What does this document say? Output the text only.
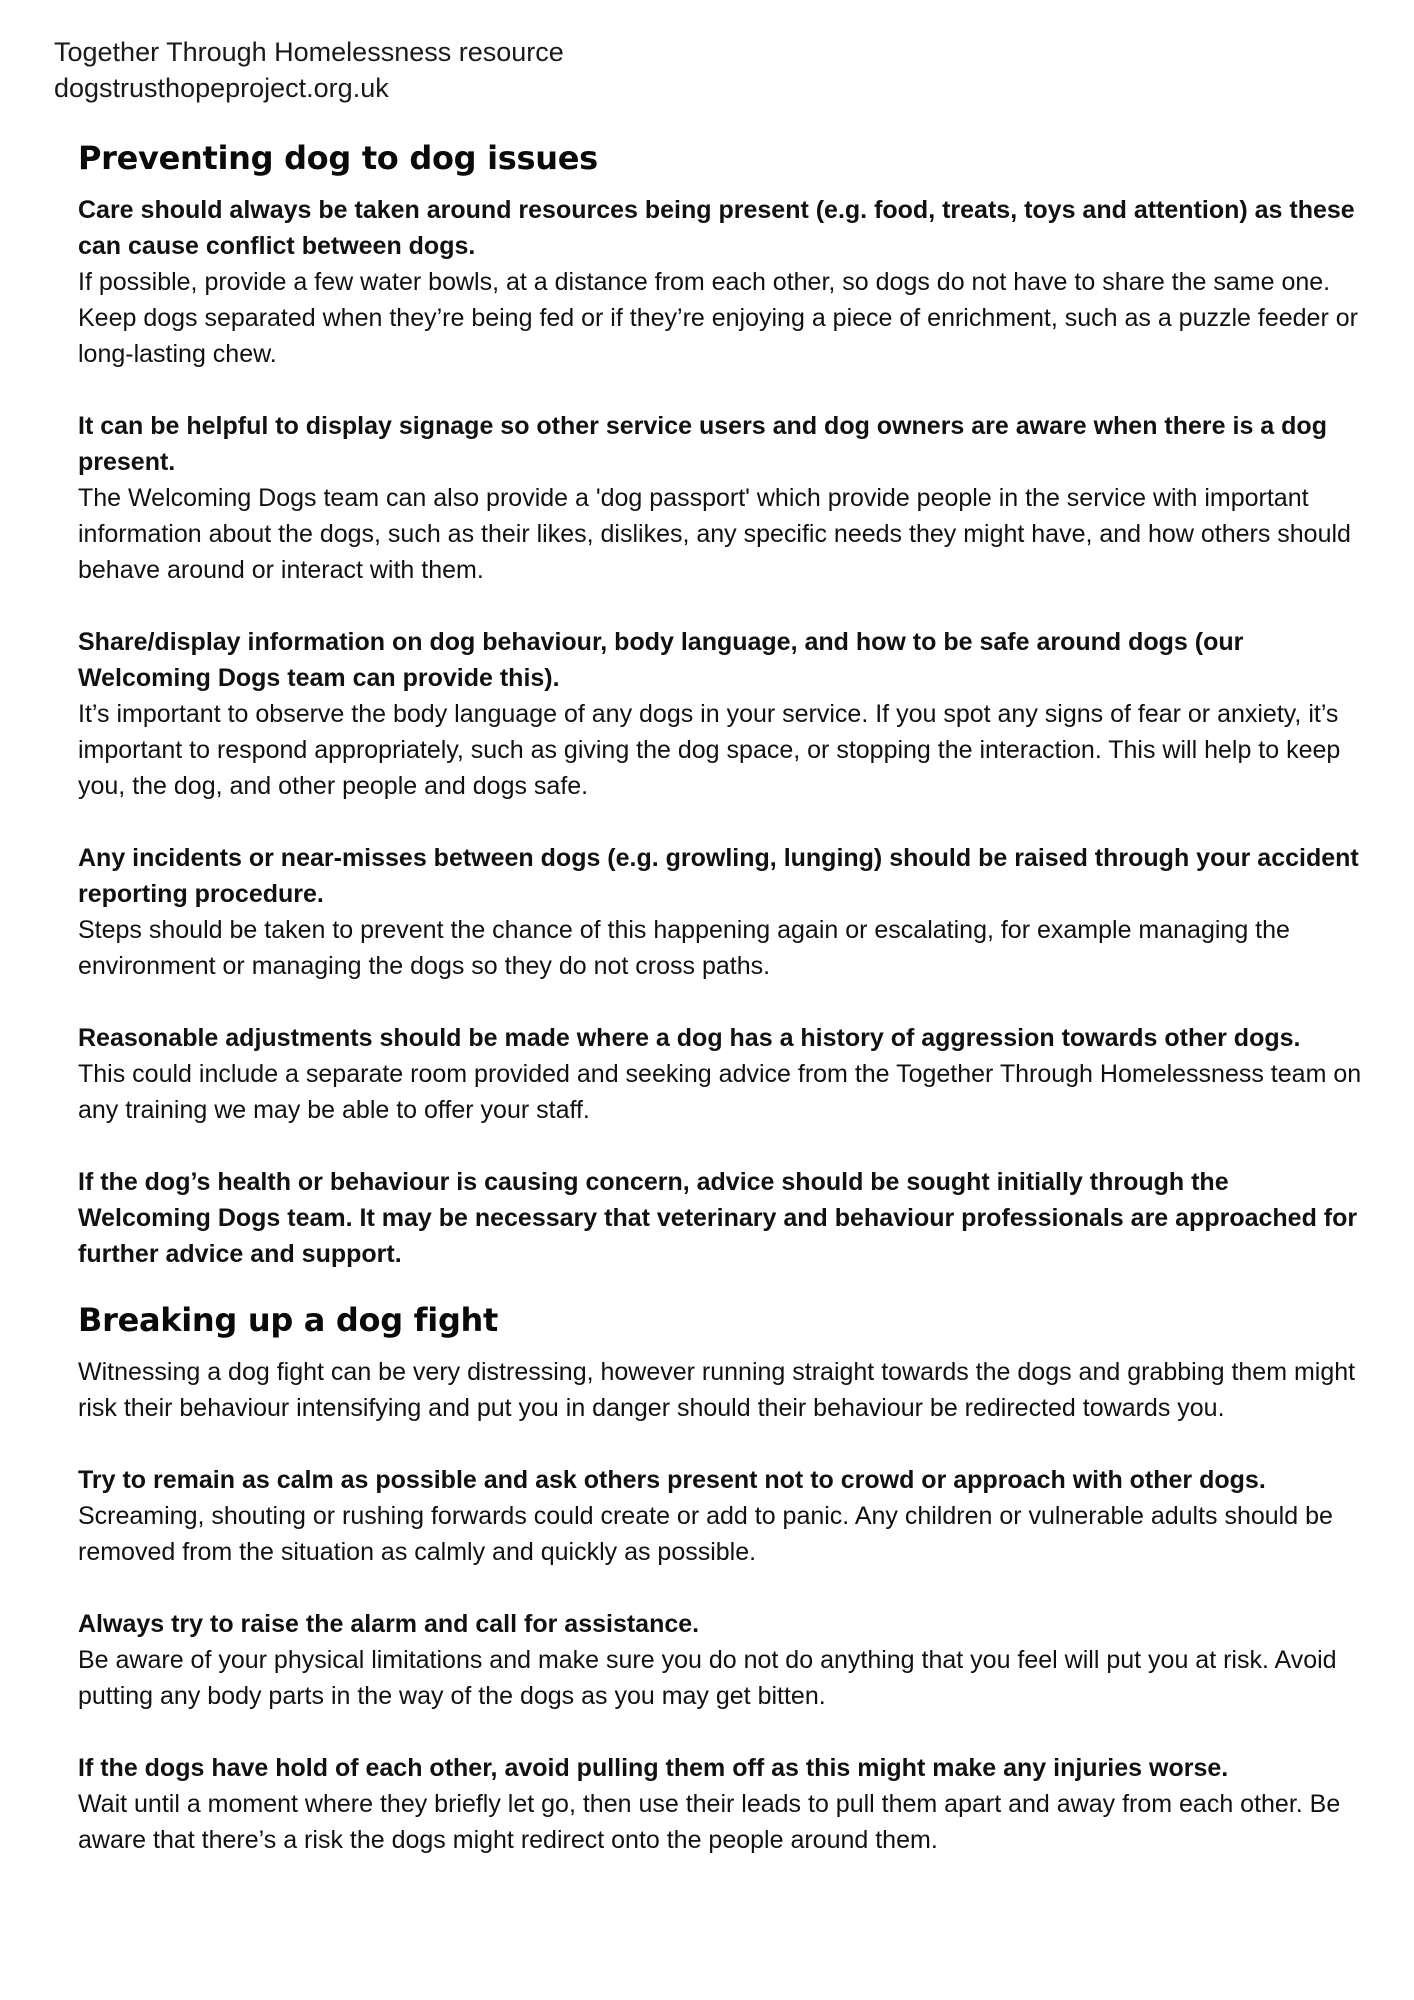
Together Through Homelessness resource
dogstrusthopeproject.org.uk
Preventing dog to dog issues

Care should always be taken around resources being present (e.g. food, treats, toys and attention) as these can cause conflict between dogs.

If possible, provide a few water bowls, at a distance from each other, so dogs do not have to share the same one. Keep dogs separated when they’re being fed or if they’re enjoying a piece of enrichment, such as a puzzle feeder or long-lasting chew.

It can be helpful to display signage so other service users and dog owners are aware when there is a dog present.

The Welcoming Dogs team can also provide a 'dog passport' which provide people in the service with important information about the dogs, such as their likes, dislikes, any specific needs they might have, and how others should behave around or interact with them.

Share/display information on dog behaviour, body language, and how to be safe around dogs (our Welcoming Dogs team can provide this).

It’s important to observe the body language of any dogs in your service. If you spot any signs of fear or anxiety, it’s important to respond appropriately, such as giving the dog space, or stopping the interaction. This will help to keep you, the dog, and other people and dogs safe.

Any incidents or near-misses between dogs (e.g. growling, lunging) should be raised through your accident reporting procedure.

Steps should be taken to prevent the chance of this happening again or escalating, for example managing the environment or managing the dogs so they do not cross paths.

Reasonable adjustments should be made where a dog has a history of aggression towards other dogs.

This could include a separate room provided and seeking advice from the Together Through Homelessness team on any training we may be able to offer your staff.

If the dog’s health or behaviour is causing concern, advice should be sought initially through the Welcoming Dogs team. It may be necessary that veterinary and behaviour professionals are approached for further advice and support.

Breaking up a dog fight

Witnessing a dog fight can be very distressing, however running straight towards the dogs and grabbing them might risk their behaviour intensifying and put you in danger should their behaviour be redirected towards you.

Try to remain as calm as possible and ask others present not to crowd or approach with other dogs.

Screaming, shouting or rushing forwards could create or add to panic. Any children or vulnerable adults should be removed from the situation as calmly and quickly as possible.

Always try to raise the alarm and call for assistance.

Be aware of your physical limitations and make sure you do not do anything that you feel will put you at risk. Avoid putting any body parts in the way of the dogs as you may get bitten.

If the dogs have hold of each other, avoid pulling them off as this might make any injuries worse.

Wait until a moment where they briefly let go, then use their leads to pull them apart and away from each other. Be aware that there’s a risk the dogs might redirect onto the people around them.
